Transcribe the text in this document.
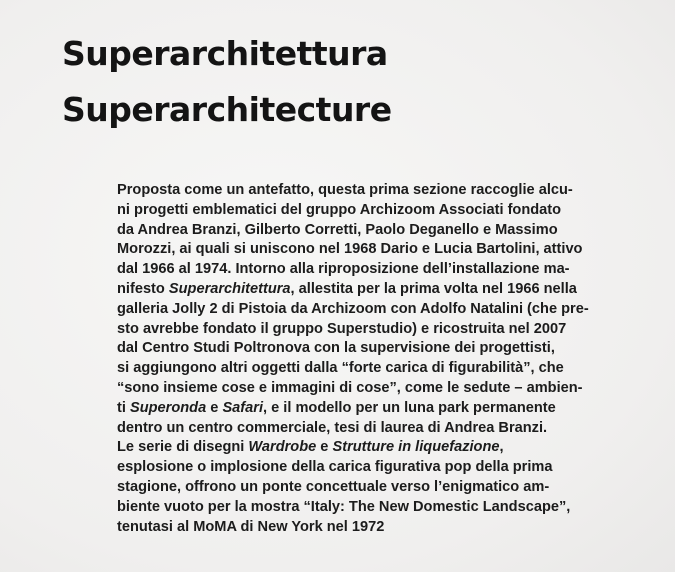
Superarchitettura
Superarchitecture
Proposta come un antefatto, questa prima sezione raccoglie alcu-
ni progetti emblematici del gruppo Archizoom Associati fondato
da Andrea Branzi, Gilberto Corretti, Paolo Deganello e Massimo
Morozzi, ai quali si uniscono nel 1968 Dario e Lucia Bartolini, attivo
dal 1966 al 1974. Intorno alla riproposizione dell’installazione ma-
nifesto Superarchitettura, allestita per la prima volta nel 1966 nella
galleria Jolly 2 di Pistoia da Archizoom con Adolfo Natalini (che pre-
sto avrebbe fondato il gruppo Superstudio) e ricostruita nel 2007
dal Centro Studi Poltronova con la supervisione dei progettisti,
si aggiungono altri oggetti dalla “forte carica di figurabilità”, che
“sono insieme cose e immagini di cose”, come le sedute – ambien-
ti Superonda e Safari, e il modello per un luna park permanente
dentro un centro commerciale, tesi di laurea di Andrea Branzi.
Le serie di disegni Wardrobe e Strutture in liquefazione,
esplosione o implosione della carica figurativa pop della prima
stagione, offrono un ponte concettuale verso l’enigmatico am-
biente vuoto per la mostra “Italy: The New Domestic Landscape”,
tenutasi al MoMA di New York nel 1972
